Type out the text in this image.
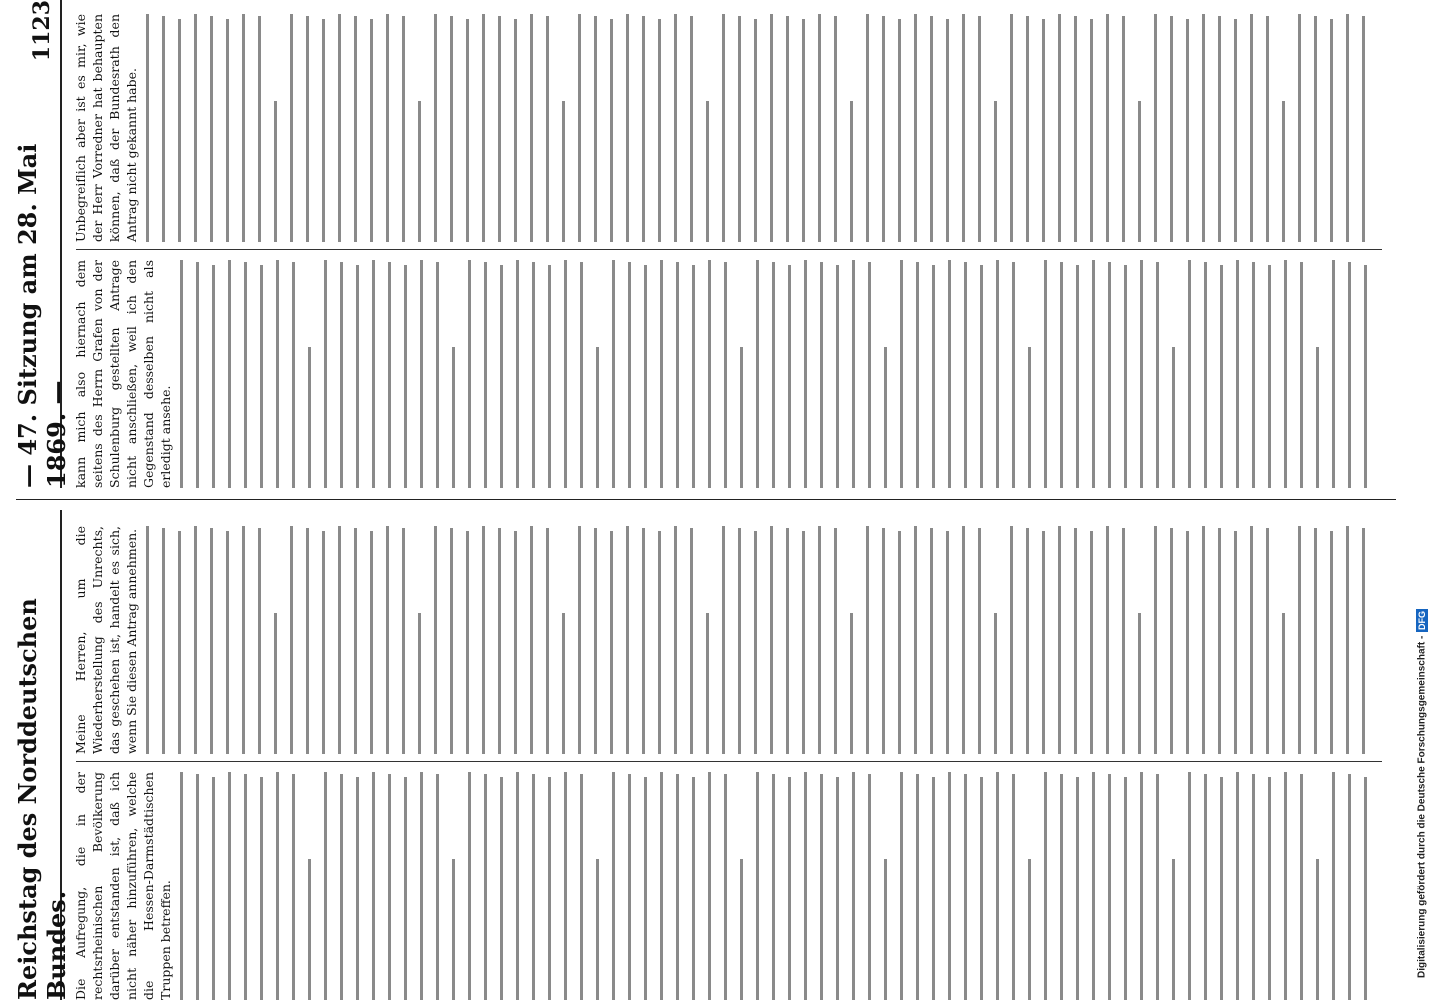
Reichstag des Norddeutschen Bundes. Die Aufregung, die in der rechtsrheinischen Bevölkerung darüber entstanden ist, daß ich nicht näher hinzuführen, welche die Hessen-Darmstädtischen Truppen betreffen.
Meine Herren, um die Wiederherstellung des Unrechts, das geschehen ist, handelt es sich, wenn Sie diesen Antrag annehmen.
— 47. Sitzung am 28. Mai 1869. —
1123
kann mich also hiernach dem seitens des Herrn Grafen von der Schulenburg gestellten Antrage nicht anschließen, weil ich den Gegenstand desselben nicht als erledigt ansehe.
Unbegreiflich aber ist es mir, wie der Herr Vorredner hat behaupten können, daß der Bundesrath den Antrag nicht gekannt habe.
Digitalisierung gefördert durch die Deutsche Forschungsgemeinschaft -
DFG
